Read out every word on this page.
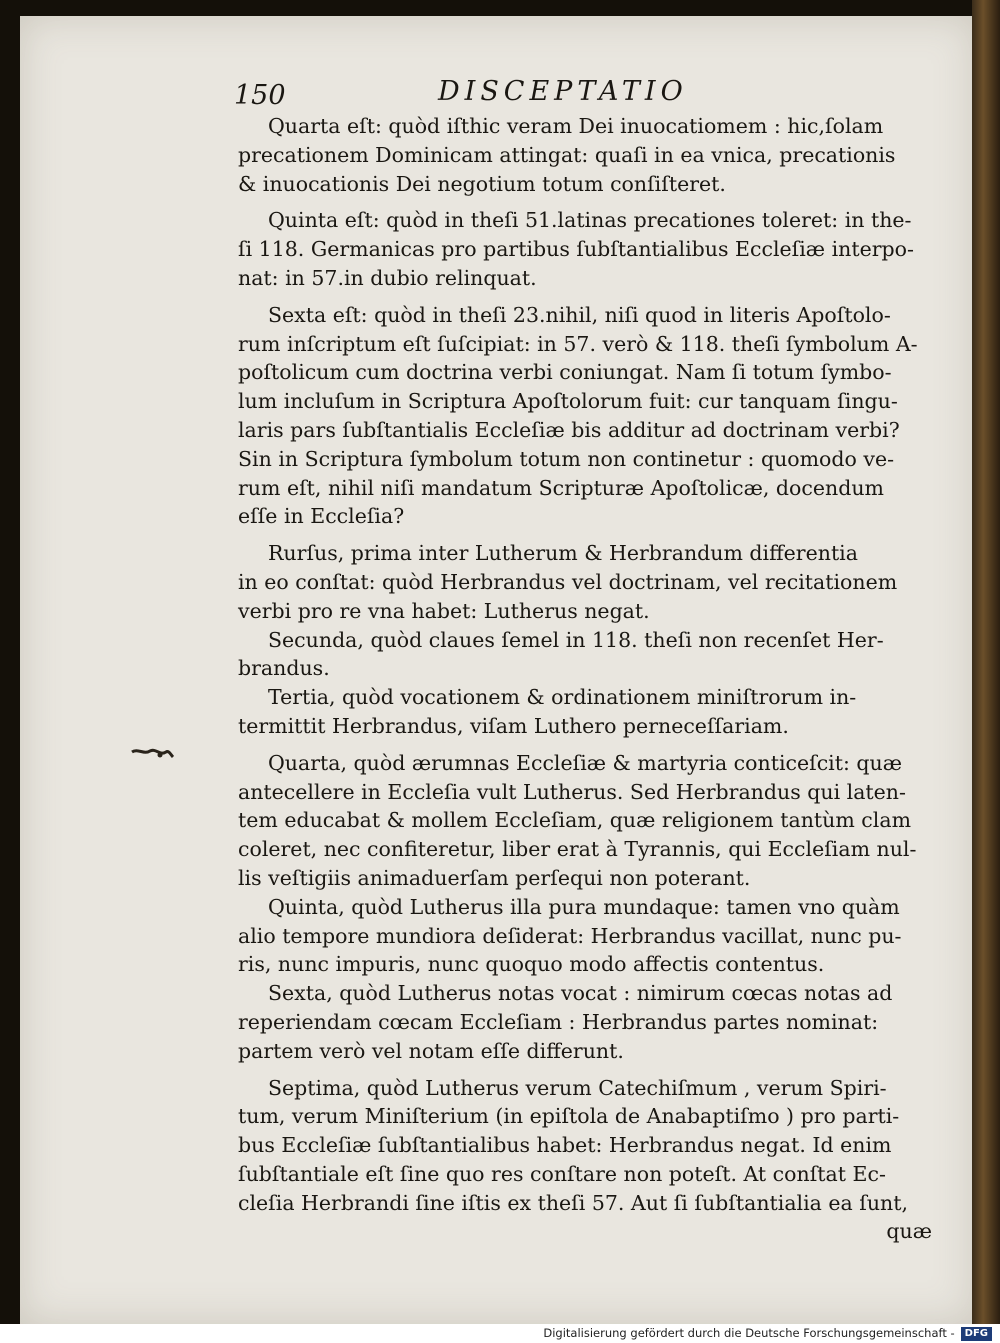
150	DISCEPTATIO

Quarta eſt: quòd iſthic veram Dei inuocatiomem : hic,ſolam
precationem Dominicam attingat: quaſi in ea vnica, precationis
& inuocationis Dei negotium totum conſiſteret.

Quinta eſt: quòd in theſi 51.latinas precationes toleret: in the-
ſi 118. Germanicas pro partibus ſubſtantialibus Eccleſiæ interpo-
nat: in 57.in dubio relinquat.

Sexta eſt: quòd in theſi 23.nihil, niſi quod in literis Apoſtolo-
rum inſcriptum eſt ſuſcipiat: in 57. verò & 118. theſi ſymbolum A-
poſtolicum cum doctrina verbi coniungat. Nam ſi totum ſymbo-
lum incluſum in Scriptura Apoſtolorum fuit: cur tanquam ſingu-
laris pars ſubſtantialis Eccleſiæ bis additur ad doctrinam verbi?
Sin in Scriptura ſymbolum totum non continetur : quomodo ve-
rum eſt, nihil niſi mandatum Scripturæ Apoſtolicæ, docendum
eſſe in Eccleſia?

Rurſus, prima inter Lutherum & Herbrandum differentia
in eo conſtat: quòd Herbrandus vel doctrinam, vel recitationem
verbi pro re vna habet: Lutherus negat.

Secunda, quòd claues ſemel in 118. theſi non recenſet Her-
brandus.

Tertia, quòd vocationem & ordinationem miniſtrorum in-
termittit Herbrandus, viſam Luthero perneceſſariam.

Quarta, quòd ærumnas Eccleſiæ & martyria conticeſcit: quæ
antecellere in Eccleſia vult Lutherus. Sed Herbrandus qui laten-
tem educabat & mollem Eccleſiam, quæ religionem tantùm clam
coleret, nec confiteretur, liber erat à Tyrannis, qui Eccleſiam nul-
lis veſtigiis animaduerſam perſequi non poterant.

Quinta, quòd Lutherus illa pura mundaque: tamen vno quàm
alio tempore mundiora deſiderat: Herbrandus vacillat, nunc pu-
ris, nunc impuris, nunc quoquo modo affectis contentus.

Sexta, quòd Lutherus notas vocat : nimirum cœcas notas ad
reperiendam cœcam Eccleſiam : Herbrandus partes nominat:
partem verò vel notam eſſe differunt.

Septima, quòd Lutherus verum Catechiſmum , verum Spiri-
tum, verum Miniſterium (in epiſtola de Anabaptiſmo ) pro parti-
bus Eccleſiæ ſubſtantialibus habet: Herbrandus negat. Id enim
ſubſtantiale eſt ſine quo res conſtare non poteſt. At conſtat Ec-
cleſia Herbrandi ſine iſtis ex theſi 57. Aut ſi ſubſtantialia ea ſunt,

quæ
Digitalisierung gefördert durch die Deutsche Forschungsgemeinschaft - DFG
